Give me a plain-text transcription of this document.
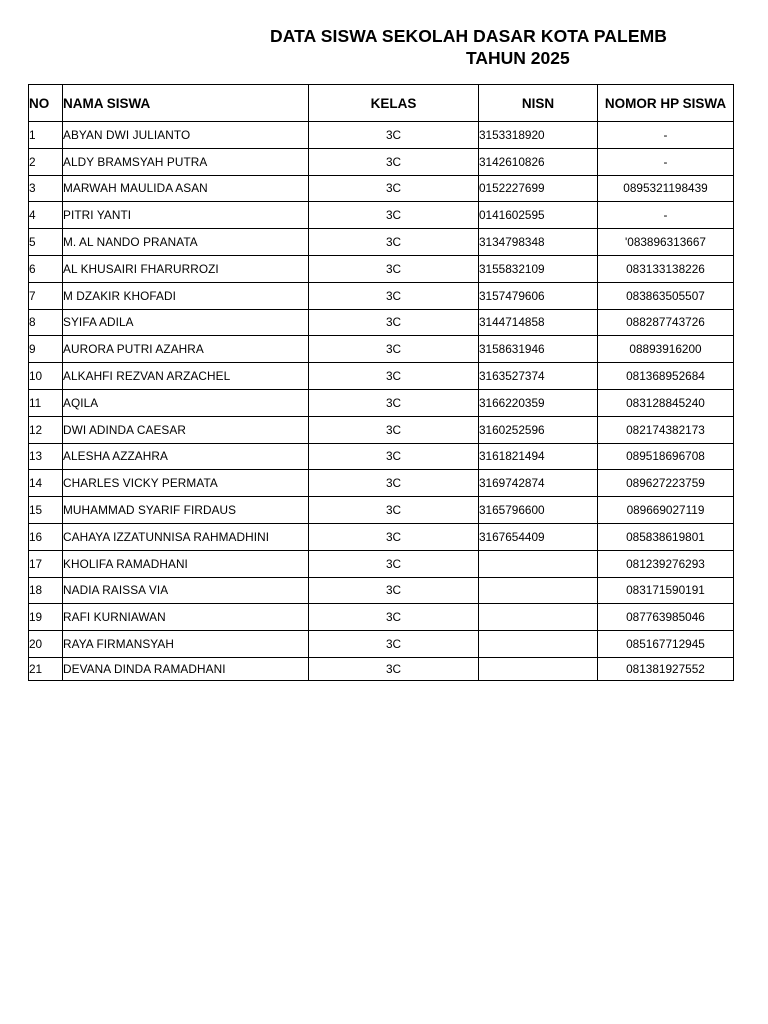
DATA SISWA SEKOLAH DASAR KOTA PALEMB
TAHUN 2025
NO	NAMA SISWA	KELAS	NISN	NOMOR HP SISWA
1	ABYAN DWI JULIANTO	3C	3153318920	-
2	ALDY BRAMSYAH PUTRA	3C	3142610826	-
3	MARWAH MAULIDA ASAN	3C	0152227699	0895321198439
4	PITRI YANTI	3C	0141602595	-
5	M. AL NANDO PRANATA	3C	3134798348	'083896313667
6	AL KHUSAIRI FHARURROZI	3C	3155832109	083133138226
7	M DZAKIR KHOFADI	3C	3157479606	083863505507
8	SYIFA ADILA	3C	3144714858	088287743726
9	AURORA PUTRI AZAHRA	3C	3158631946	08893916200
10	ALKAHFI REZVAN ARZACHEL	3C	3163527374	081368952684
11	AQILA	3C	3166220359	083128845240
12	DWI ADINDA CAESAR	3C	3160252596	082174382173
13	ALESHA AZZAHRA	3C	3161821494	089518696708
14	CHARLES VICKY PERMATA	3C	3169742874	089627223759
15	MUHAMMAD SYARIF FIRDAUS	3C	3165796600	089669027119
16	CAHAYA IZZATUNNISA RAHMADHINI	3C	3167654409	085838619801
17	KHOLIFA RAMADHANI	3C		081239276293
18	NADIA RAISSA VIA	3C		083171590191
19	RAFI KURNIAWAN	3C		087763985046
20	RAYA FIRMANSYAH	3C		085167712945
21	DEVANA DINDA RAMADHANI	3C		081381927552
